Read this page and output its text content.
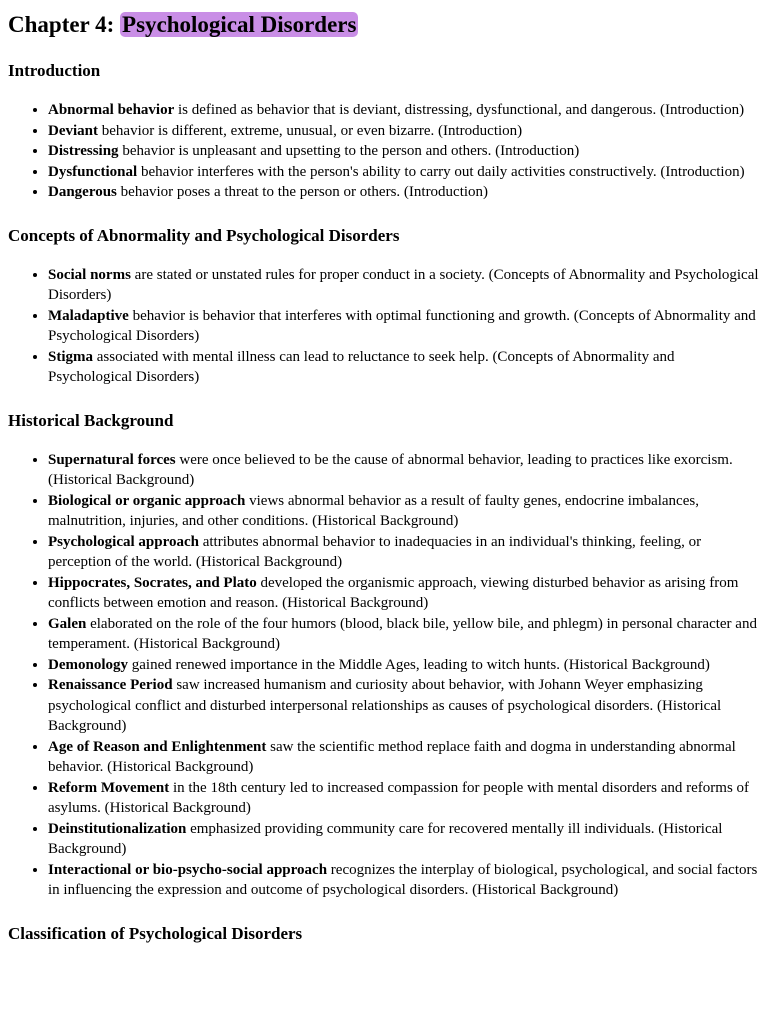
Chapter 4: Psychological Disorders
Introduction
• Abnormal behavior is defined as behavior that is deviant, distressing, dysfunctional, and dangerous. (Introduction)
• Deviant behavior is different, extreme, unusual, or even bizarre. (Introduction)
• Distressing behavior is unpleasant and upsetting to the person and others. (Introduction)
• Dysfunctional behavior interferes with the person's ability to carry out daily activities constructively. (Introduction)
• Dangerous behavior poses a threat to the person or others. (Introduction)
Concepts of Abnormality and Psychological Disorders
• Social norms are stated or unstated rules for proper conduct in a society. (Concepts of Abnormality and Psychological Disorders)
• Maladaptive behavior is behavior that interferes with optimal functioning and growth. (Concepts of Abnormality and Psychological Disorders)
• Stigma associated with mental illness can lead to reluctance to seek help. (Concepts of Abnormality and Psychological Disorders)
Historical Background
• Supernatural forces were once believed to be the cause of abnormal behavior, leading to practices like exorcism. (Historical Background)
• Biological or organic approach views abnormal behavior as a result of faulty genes, endocrine imbalances, malnutrition, injuries, and other conditions. (Historical Background)
• Psychological approach attributes abnormal behavior to inadequacies in an individual's thinking, feeling, or perception of the world. (Historical Background)
• Hippocrates, Socrates, and Plato developed the organismic approach, viewing disturbed behavior as arising from conflicts between emotion and reason. (Historical Background)
• Galen elaborated on the role of the four humors (blood, black bile, yellow bile, and phlegm) in personal character and temperament. (Historical Background)
• Demonology gained renewed importance in the Middle Ages, leading to witch hunts. (Historical Background)
• Renaissance Period saw increased humanism and curiosity about behavior, with Johann Weyer emphasizing psychological conflict and disturbed interpersonal relationships as causes of psychological disorders. (Historical Background)
• Age of Reason and Enlightenment saw the scientific method replace faith and dogma in understanding abnormal behavior. (Historical Background)
• Reform Movement in the 18th century led to increased compassion for people with mental disorders and reforms of asylums. (Historical Background)
• Deinstitutionalization emphasized providing community care for recovered mentally ill individuals. (Historical Background)
• Interactional or bio-psycho-social approach recognizes the interplay of biological, psychological, and social factors in influencing the expression and outcome of psychological disorders. (Historical Background)
Classification of Psychological Disorders
